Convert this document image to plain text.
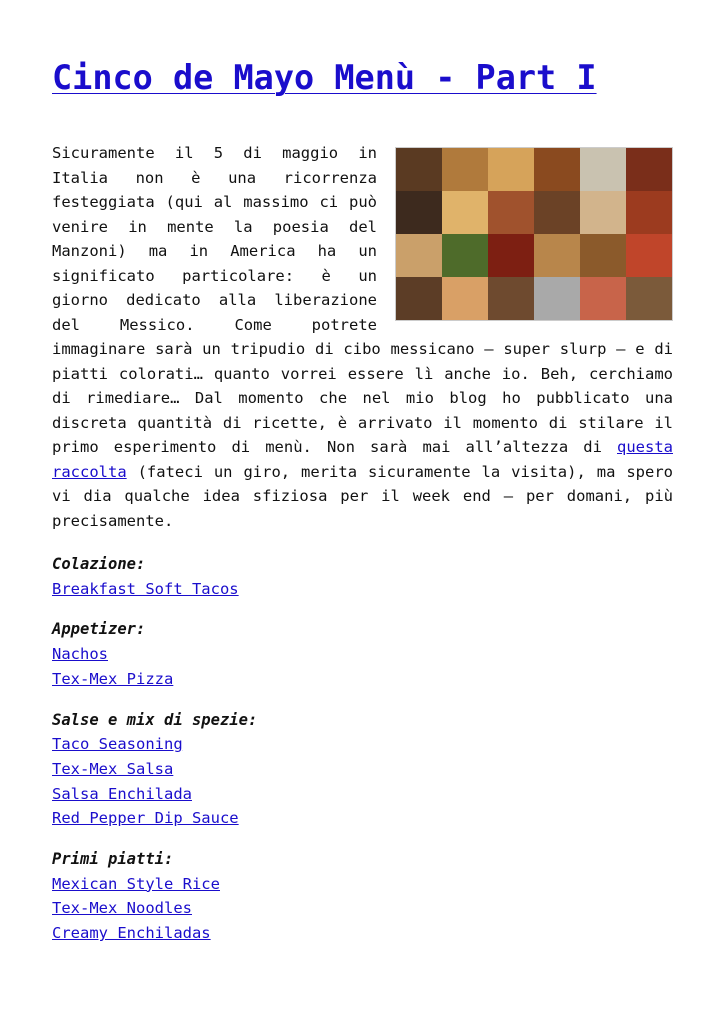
Cinco de Mayo Menù - Part I

Sicuramente il 5 di maggio in Italia non è una ricorrenza festeggiata (qui al massimo ci può venire in mente la poesia del Manzoni) ma in America ha un significato particolare: è un giorno dedicato alla liberazione del Messico. Come potrete immaginare sarà un tripudio di cibo messicano – super slurp – e di piatti colorati… quanto vorrei essere lì anche io. Beh, cerchiamo di rimediare… Dal momento che nel mio blog ho pubblicato una discreta quantità di ricette, è arrivato il momento di stilare il primo esperimento di menù. Non sarà mai all’altezza di questa raccolta (fateci un giro, merita sicuramente la visita), ma spero vi dia qualche idea sfiziosa per il week end – per domani, più precisamente.

Colazione:
Breakfast Soft Tacos
Appetizer:
Nachos
Tex-Mex Pizza
Salse e mix di spezie:
Taco Seasoning
Tex-Mex Salsa
Salsa Enchilada
Red Pepper Dip Sauce
Primi piatti:
Mexican Style Rice
Tex-Mex Noodles
Creamy Enchiladas
